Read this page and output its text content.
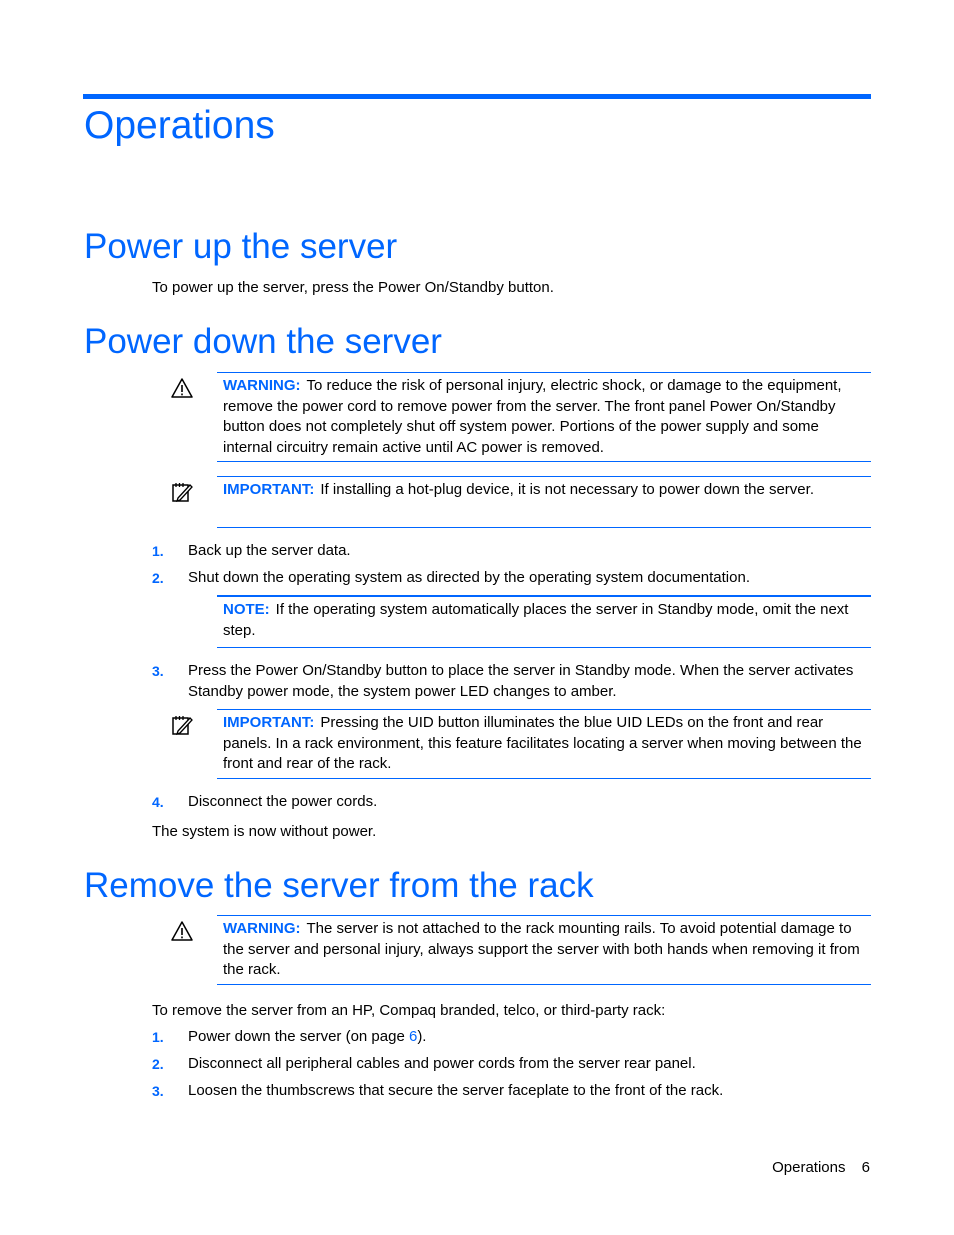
Operations
Power up the server

To power up the server, press the Power On/Standby button.

Power down the server

WARNING: To reduce the risk of personal injury, electric shock, or damage to the equipment, remove the power cord to remove power from the server. The front panel Power On/Standby button does not completely shut off system power. Portions of the power supply and some internal circuitry remain active until AC power is removed.

IMPORTANT: If installing a hot-plug device, it is not necessary to power down the server.

1. Back up the server data.
2. Shut down the operating system as directed by the operating system documentation.

NOTE: If the operating system automatically places the server in Standby mode, omit the next step.

3. Press the Power On/Standby button to place the server in Standby mode. When the server activates Standby power mode, the system power LED changes to amber.

IMPORTANT: Pressing the UID button illuminates the blue UID LEDs on the front and rear panels. In a rack environment, this feature facilitates locating a server when moving between the front and rear of the rack.

4. Disconnect the power cords.

The system is now without power.

Remove the server from the rack

WARNING: The server is not attached to the rack mounting rails. To avoid potential damage to the server and personal injury, always support the server with both hands when removing it from the rack.

To remove the server from an HP, Compaq branded, telco, or third-party rack:

1. Power down the server (on page 6).
2. Disconnect all peripheral cables and power cords from the server rear panel.
3. Loosen the thumbscrews that secure the server faceplate to the front of the rack.
Operations 6
